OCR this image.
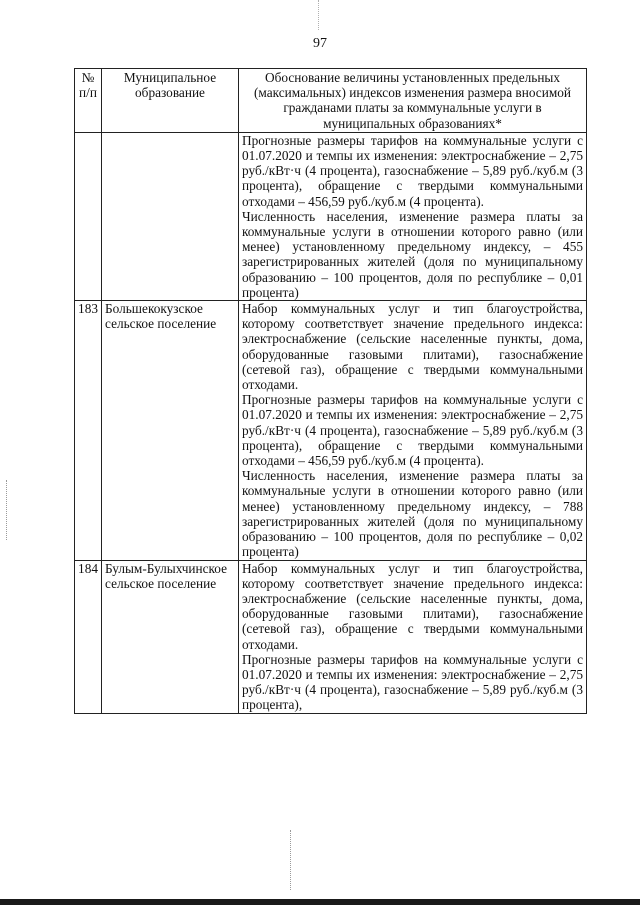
97
№ п/п	Муниципальное образование	Обоснование величины установленных предельных (максимальных) индексов изменения размера вносимой гражданами платы за коммунальные услуги в муниципальных образованиях*

		Прогнозные размеры тарифов на коммунальные услуги с 01.07.2020 и темпы их изменения: электроснабжение – 2,75 руб./кВт·ч (4 процента), газоснабжение – 5,89 руб./куб.м (3 процента), обращение с твердыми коммунальными отходами – 456,59 руб./куб.м (4 процента).

Численность населения, изменение размера платы за коммунальные услуги в отношении которого равно (или менее) установленному предельному индексу, – 455 зарегистрированных жителей (доля по муниципальному образованию – 100 процентов, доля по республике – 0,01 процента)

183	Большекокузское сельское поселение	Набор коммунальных услуг и тип благоустройства, которому соответствует значение предельного индекса: электроснабжение (сельские населенные пункты, дома, оборудованные газовыми плитами), газоснабжение (сетевой газ), обращение с твердыми коммунальными отходами.

Прогнозные размеры тарифов на коммунальные услуги с 01.07.2020 и темпы их изменения: электроснабжение – 2,75 руб./кВт·ч (4 процента), газоснабжение – 5,89 руб./куб.м (3 процента), обращение с твердыми коммунальными отходами – 456,59 руб./куб.м (4 процента).

Численность населения, изменение размера платы за коммунальные услуги в отношении которого равно (или менее) установленному предельному индексу, – 788 зарегистрированных жителей (доля по муниципальному образованию – 100 процентов, доля по республике – 0,02 процента)

184	Булым-Булыхчинское сельское поселение	Набор коммунальных услуг и тип благоустройства, которому соответствует значение предельного индекса: электроснабжение (сельские населенные пункты, дома, оборудованные газовыми плитами), газоснабжение (сетевой газ), обращение с твердыми коммунальными отходами.

Прогнозные размеры тарифов на коммунальные услуги с 01.07.2020 и темпы их изменения: электроснабжение – 2,75 руб./кВт·ч (4 процента), газоснабжение – 5,89 руб./куб.м (3 процента),
